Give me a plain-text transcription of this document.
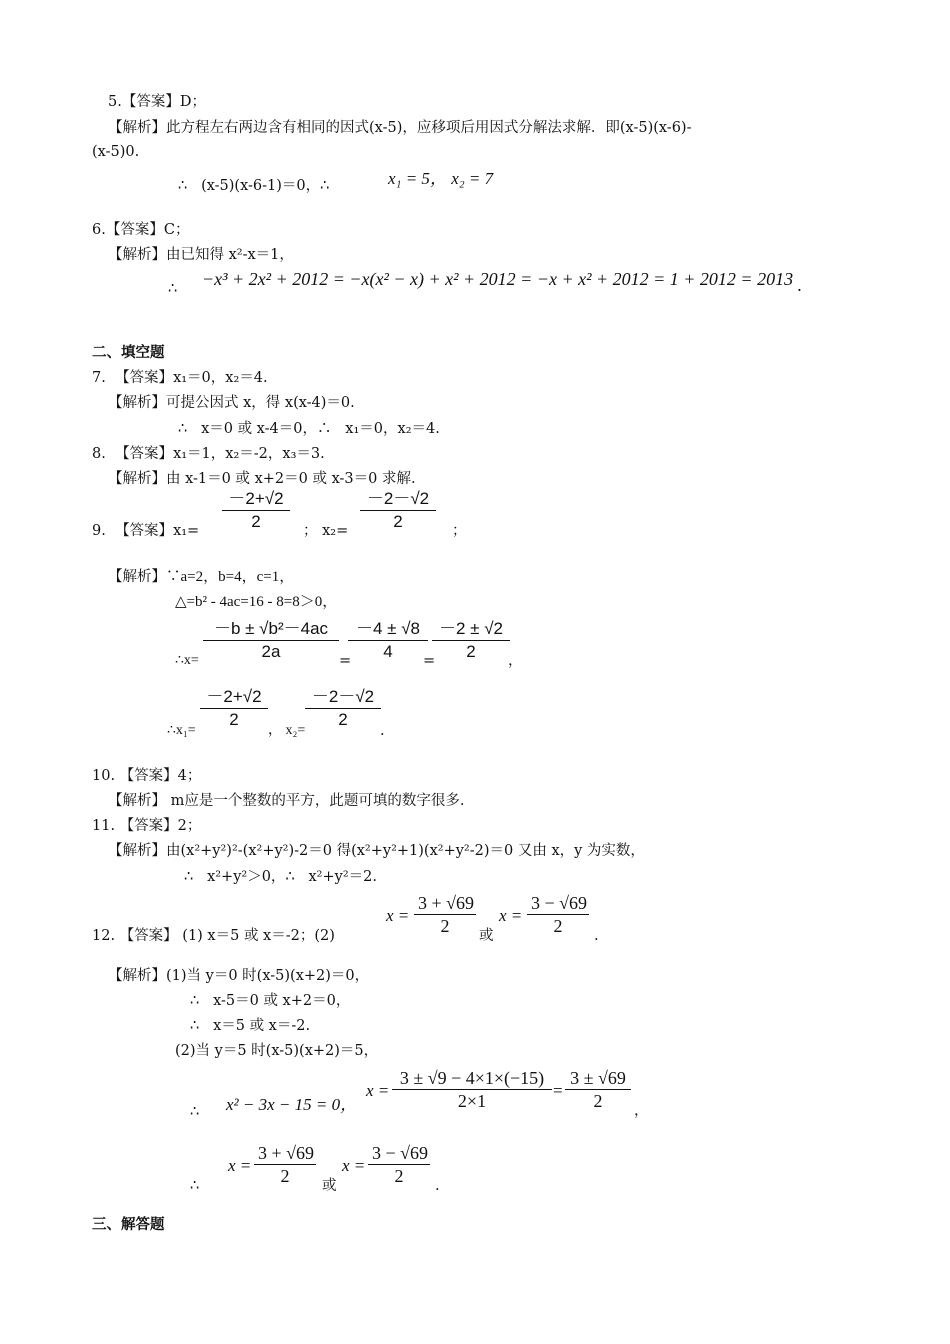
5.【答案】D；
【解析】此方程左右两边含有相同的因式(x-5)，应移项后用因式分解法求解．即(x-5)(x-6)-
(x-5)0.
∴ (x-5)(x-6-1)＝0，∴	x₁ = 5， x₂ = 7
6.【答案】C；
【解析】由已知得 x²-x＝1，
∴ −x³ + 2x² + 2012 = −x(x² − x) + x² + 2012 = −x + x² + 2012 = 1 + 2012 = 2013 .
二、填空题
7. 【答案】x₁＝0，x₂＝4.
【解析】可提公因式 x，得 x(x-4)＝0.
∴ x＝0 或 x-4＝0，∴ x₁＝0，x₂＝4.
8. 【答案】x₁＝1，x₂＝-2，x₃＝3.
【解析】由 x-1＝0 或 x+2＝0 或 x-3＝0 求解.
9. 【答案】$x_1= \frac{-2+√2}{2}$ ； $x_2= \frac{-2-√2}{2}$ ；
【解析】∵a=2，b=4，c=1，
△=b² - 4ac=16 - 8=8＞0，
∴x= $\frac{\text{－b ± √b²－4ac}}{2a}$ =
$\frac{-4 \pm √8}{4}$
=
$\frac{-2 \pm √2}{2}$
，
∴x₁= $\frac{-2+√2}{2}$ ， $x_2= \frac{-2-√2}{2}$ .
10. 【答案】4；
【解析】 m应是一个整数的平方，此题可填的数字很多.
11. 【答案】2；
【解析】由(x²+y²)²-(x²+y²)-2＝0 得(x²+y²+1)(x²+y²-2)＝0 又由 x，y 为实数，
∴ x²+y²＞0，∴ x²+y²＝2.
12. 【答案】 (1) x＝5 或 x＝-2；(2)
$x = \frac{3 + √69}{2}$ 或
$x = \frac{3 - √69}{2}$ .
【解析】(1)当 y＝0 时(x-5)(x+2)＝0，
∴ x-5＝0 或 x+2＝0，
∴ x＝5 或 x＝-2.
(2)当 y＝5 时(x-5)(x+2)＝5，
∴ x² − 3x − 15 = 0，
$x = \frac{3 \pm √9 - 4\times 1\times(-15)}{2\times 1} = \frac{3 \pm √69}{2}$ ，
∴
$x = \frac{3 + √69}{2}$ 或
$x = \frac{3 - √69}{2}$ .
三、解答题
